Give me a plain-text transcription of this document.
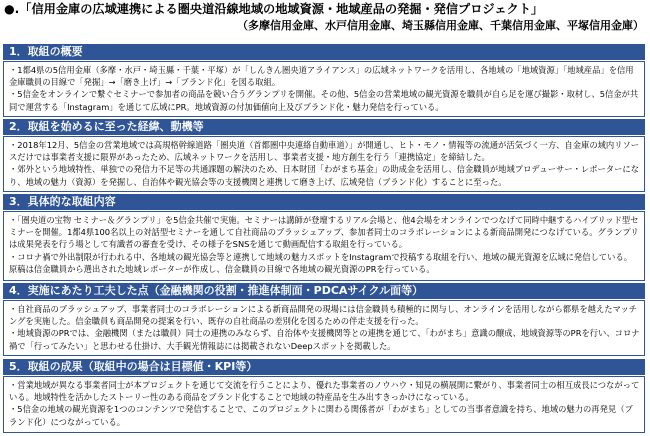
●.「信用金庫の広域連携による圏央道沿線地域の地域資源・地域産品の発掘・発信プロジェクト」
（多摩信用金庫、水戸信用金庫、埼玉縣信用金庫、千葉信用金庫、平塚信用金庫）
1．取組の概要

・1都4県の5信用金庫（多摩・水戸・埼玉縣・千葉・平塚）が「しんきん圏央道アライアンス」の広域ネットワークを活用し、各地域の「地域資源」「地域産品」を信用金庫職員の目線で「発掘」→「磨き上げ」→「ブランド化」を図る取組。

・5信金をオンラインで繋ぐセミナーで参加者の商品を競い合うグランプリを開催。その他、5信金の営業地域の観光資源を職員が自ら足を運び撮影・取材し、5信金が共同で運営する「Instagram」を通じて広域にPR。地域資源の付加価値向上及びブランド化・魅力発信を行っている。

2．取組を始めるに至った経緯、動機等

・2018年12月、5信金の営業地域では高規格幹線道路「圏央道（首都圏中央連絡自動車道）」が開通し、ヒト・モノ・情報等の流通が活気づく一方、自金庫の域内リソースだけでは事業者支援に限界があったため、広域ネットワークを活用し、事業者支援・地方創生を行う「連携協定」を締結した。

・郊外という地域特性、単独での発信力不足等の共通課題の解決のため、日本財団「わがまち基金」の助成金を活用し、信金職員が地域プロデューサー・レポーターになり、地域の魅力（資源）を発掘し、自治体や観光協会等の支援機関と連携して磨き上げ、広域発信（ブランド化）することに至った。

3．具体的な取組内容

・「圏央道の宝物 セミナー＆グランプリ」を5信金共催で実施。セミナーは講師が登壇するリアル会場と、他4会場をオンラインでつなげて同時中継するハイブリッド型セミナーを開催。1都4県100名以上の対話型セミナーを通して自社商品のブラッシュアップ、参加者同士のコラボレーションによる新商品開発につなげている。グランプリは成果発表を行う場として有識者の審査を受け、その様子をSNSを通じて動画配信する取組を行っている。

・コロナ禍で外出制限が行われる中、各地域の観光協会等と連携して地域の魅力スポットをInstagramで投稿する取組を行い、地域の観光資源を広域に発信している。原稿は信金職員から選出された地域レポーターが作成し、信金職員の目線で各地域の観光資源のPRを行っている。

4．実施にあたり工夫した点（金融機関の役割・推進体制面・PDCAサイクル面等）

・自社商品のブラッシュアップ、事業者同士のコラボレーションによる新商品開発の現場には信金職員も積極的に関与し、オンラインを活用しながら都県を越えたマッチングを実施した。信金職員も商品開発の提案を行い、既存の自社商品の差別化を図るための伴走支援を行った。

・地域資源のPRでは、金融機関（または職員）同士の連携のみならず、自治体や支援機関等との連携を通じて、「わがまち」意識の醸成、地域資源等のPRを行い、コロナ禍で「行ってみたい」と思わせる仕掛け、大手観光情報誌には掲載されないDeepスポットを掲載した。

5．取組の成果（取組中の場合は目標値・KPI等）

・営業地域が異なる事業者同士が本プロジェクトを通じて交流を行うことにより、優れた事業者のノウハウ・知見の横展開に繋がり、事業者同士の相互成長につながっている。地域特性を活かしたストーリー性のある商品をブランド化することで地域の特産品を生み出すきっかけになっている。

・5信金の地域の観光資源を1つのコンテンツで発信することで、このプロジェクトに関わる関係者が「わがまち」としての当事者意識を持ち、地域の魅力の再発見（ブランド化）につながっている。
